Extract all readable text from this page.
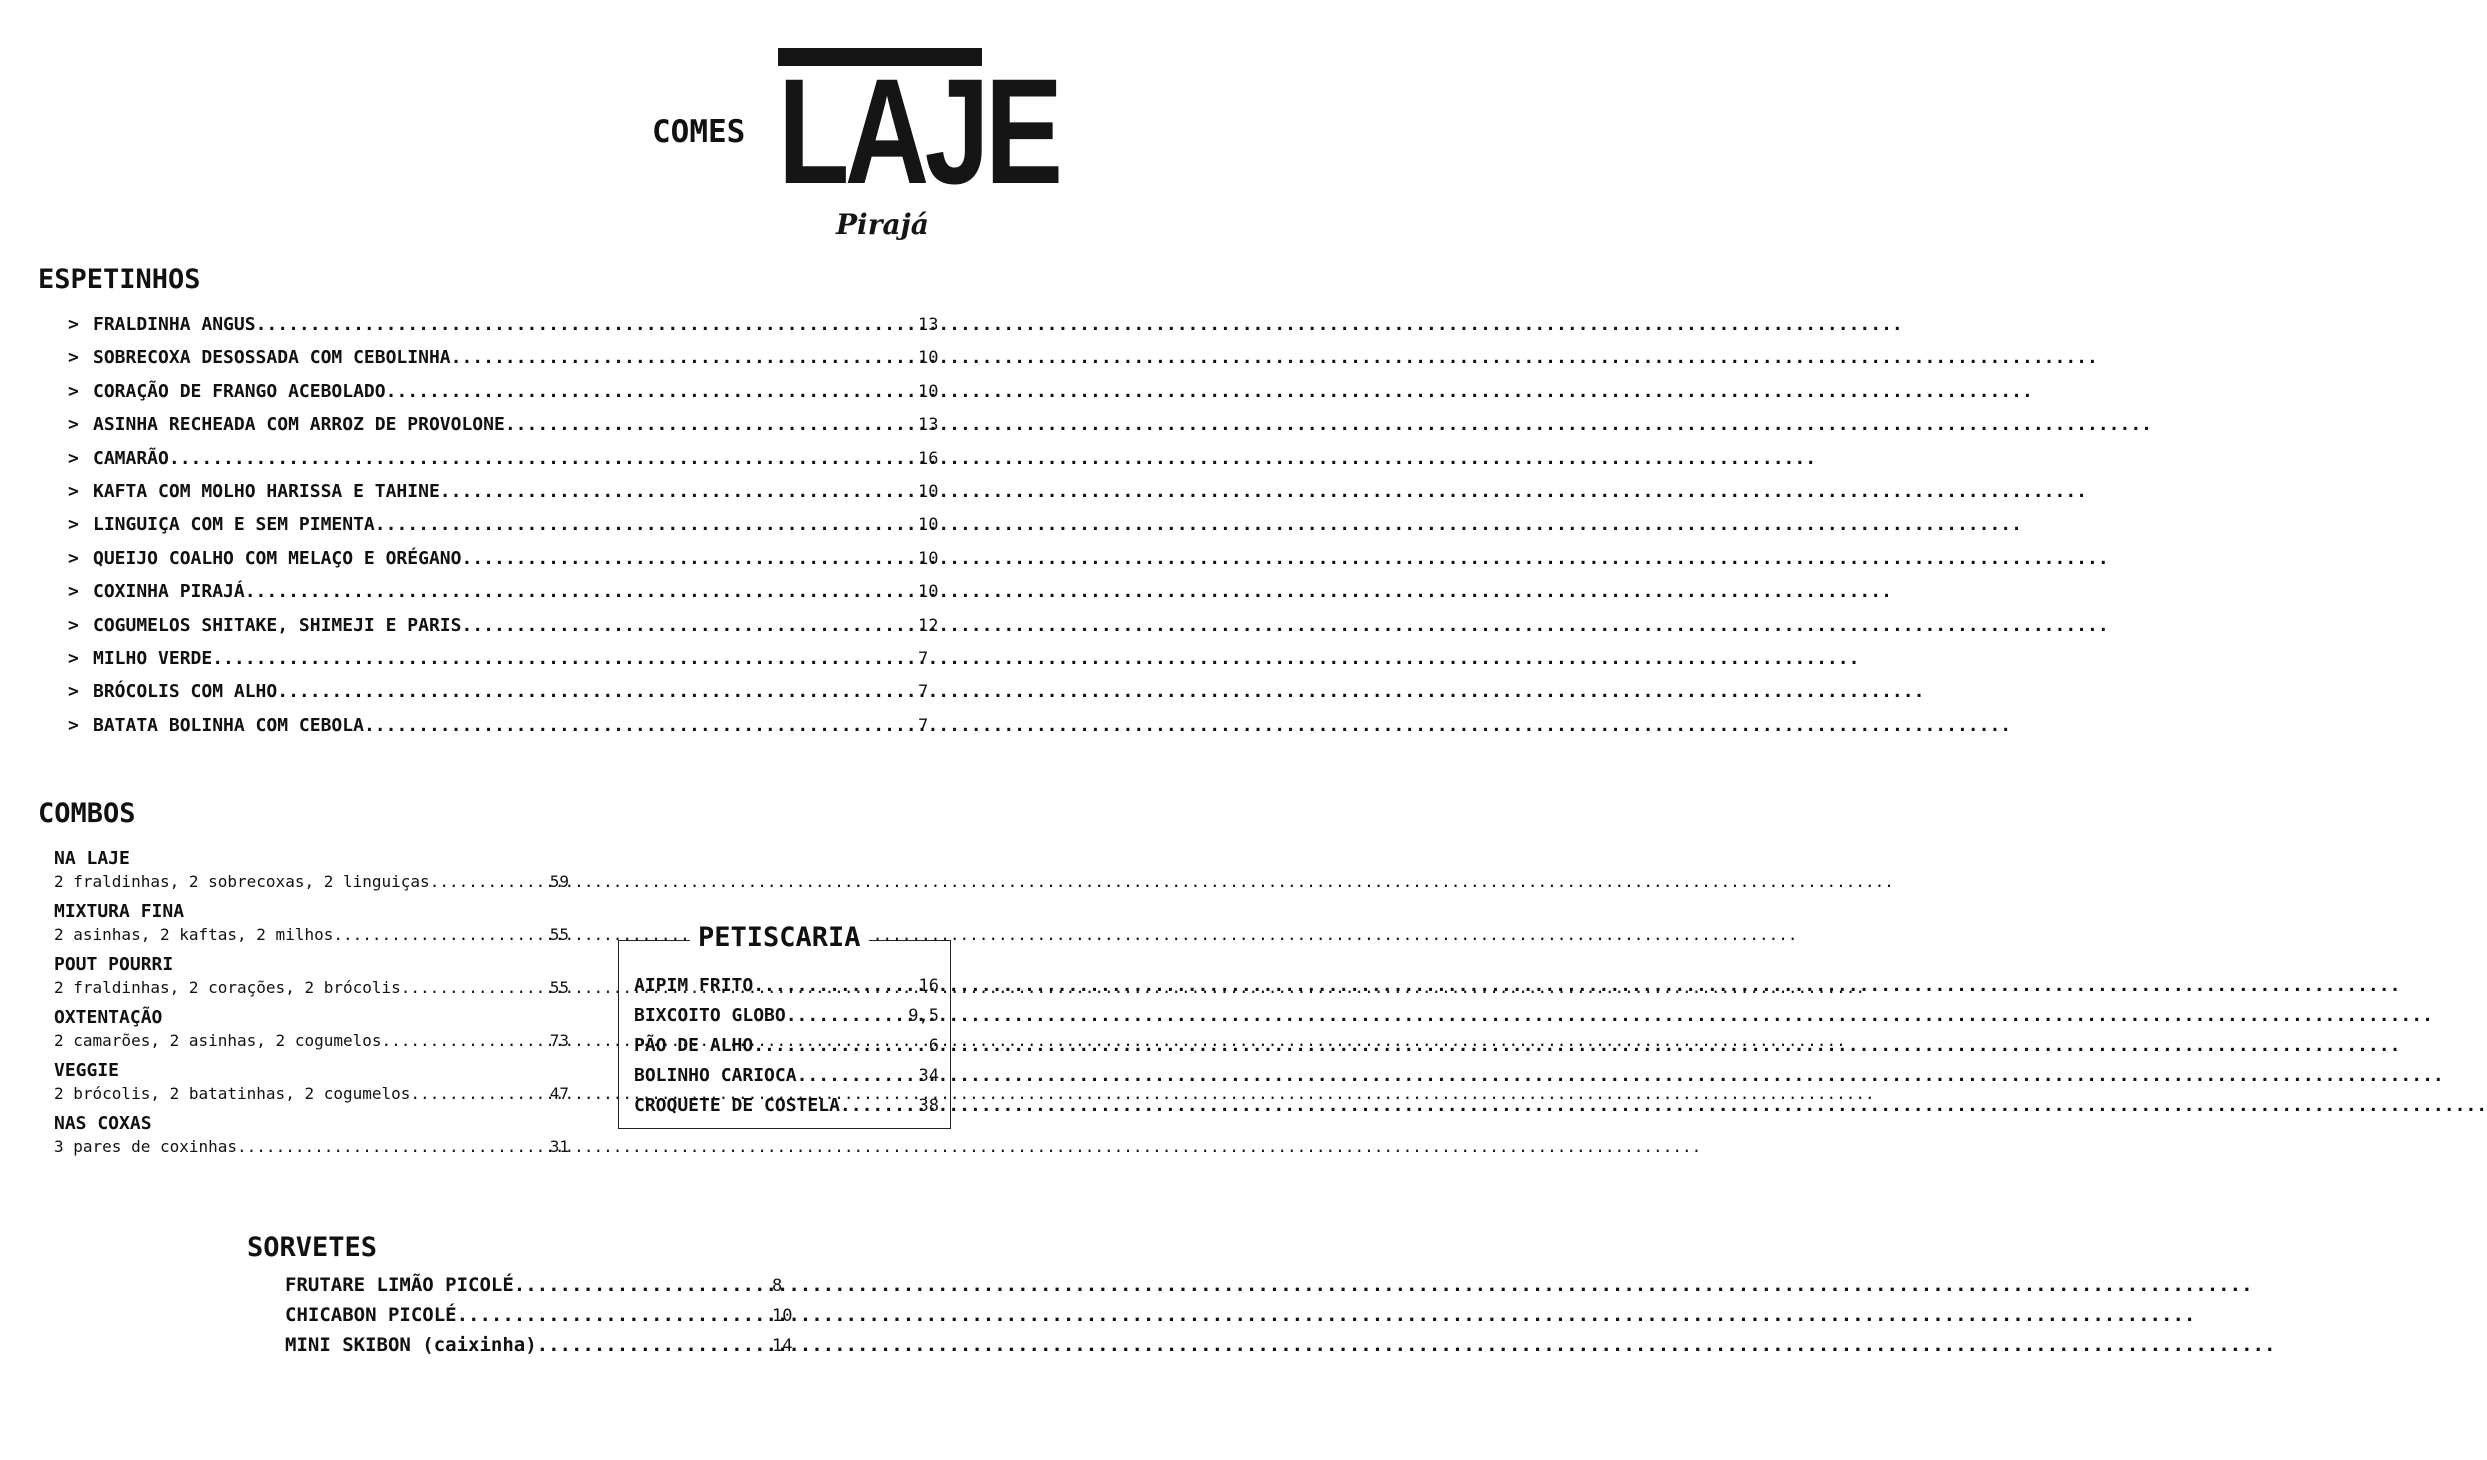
COMES LAJE
Pirajá
ESPETINHOS
> FRALDINHA ANGUS .....	13
> SOBRECOXA DESOSSADA COM CEBOLINHA .....	10
> CORAÇÃO DE FRANGO ACEBOLADO .....	10
> ASINHA RECHEADA COM ARROZ DE PROVOLONE .....	13
> CAMARÃO .....	16
> KAFTA COM MOLHO HARISSA E TAHINE .....	10
> LINGUIÇA COM E SEM PIMENTA .....	10
> QUEIJO COALHO COM MELAÇO E ORÉGANO .....	10
> COXINHA PIRAJÁ .....	10
> COGUMELOS SHITAKE, SHIMEJI E PARIS .....	12
> MILHO VERDE .....	7
> BRÓCOLIS COM ALHO .....	7
> BATATA BOLINHA COM CEBOLA .....	7
COMBOS
NA LAJE
2 fraldinhas, 2 sobrecoxas, 2 linguiças .....	59
MIXTURA FINA
2 asinhas, 2 kaftas, 2 milhos .....	55
POUT POURRI
2 fraldinhas, 2 corações, 2 brócolis .....	55
OXTENTAÇÃO
2 camarões, 2 asinhas, 2 cogumelos .....	73
VEGGIE
2 brócolis, 2 batatinhas, 2 cogumelos .....	47
NAS COXAS
3 pares de coxinhas .....	31
PETISCARIA
AIPIM FRITO .....	16
BIXCOITO GLOBO .....	9,5
PÃO DE ALHO .....	6
BOLINHO CARIOCA .....	34
CROQUETE DE COSTELA .....	38
SORVETES
FRUTARE LIMÃO PICOLÉ .....	8
CHICABON PICOLÉ .....	10
MINI SKIBON (caixinha) .....	14
